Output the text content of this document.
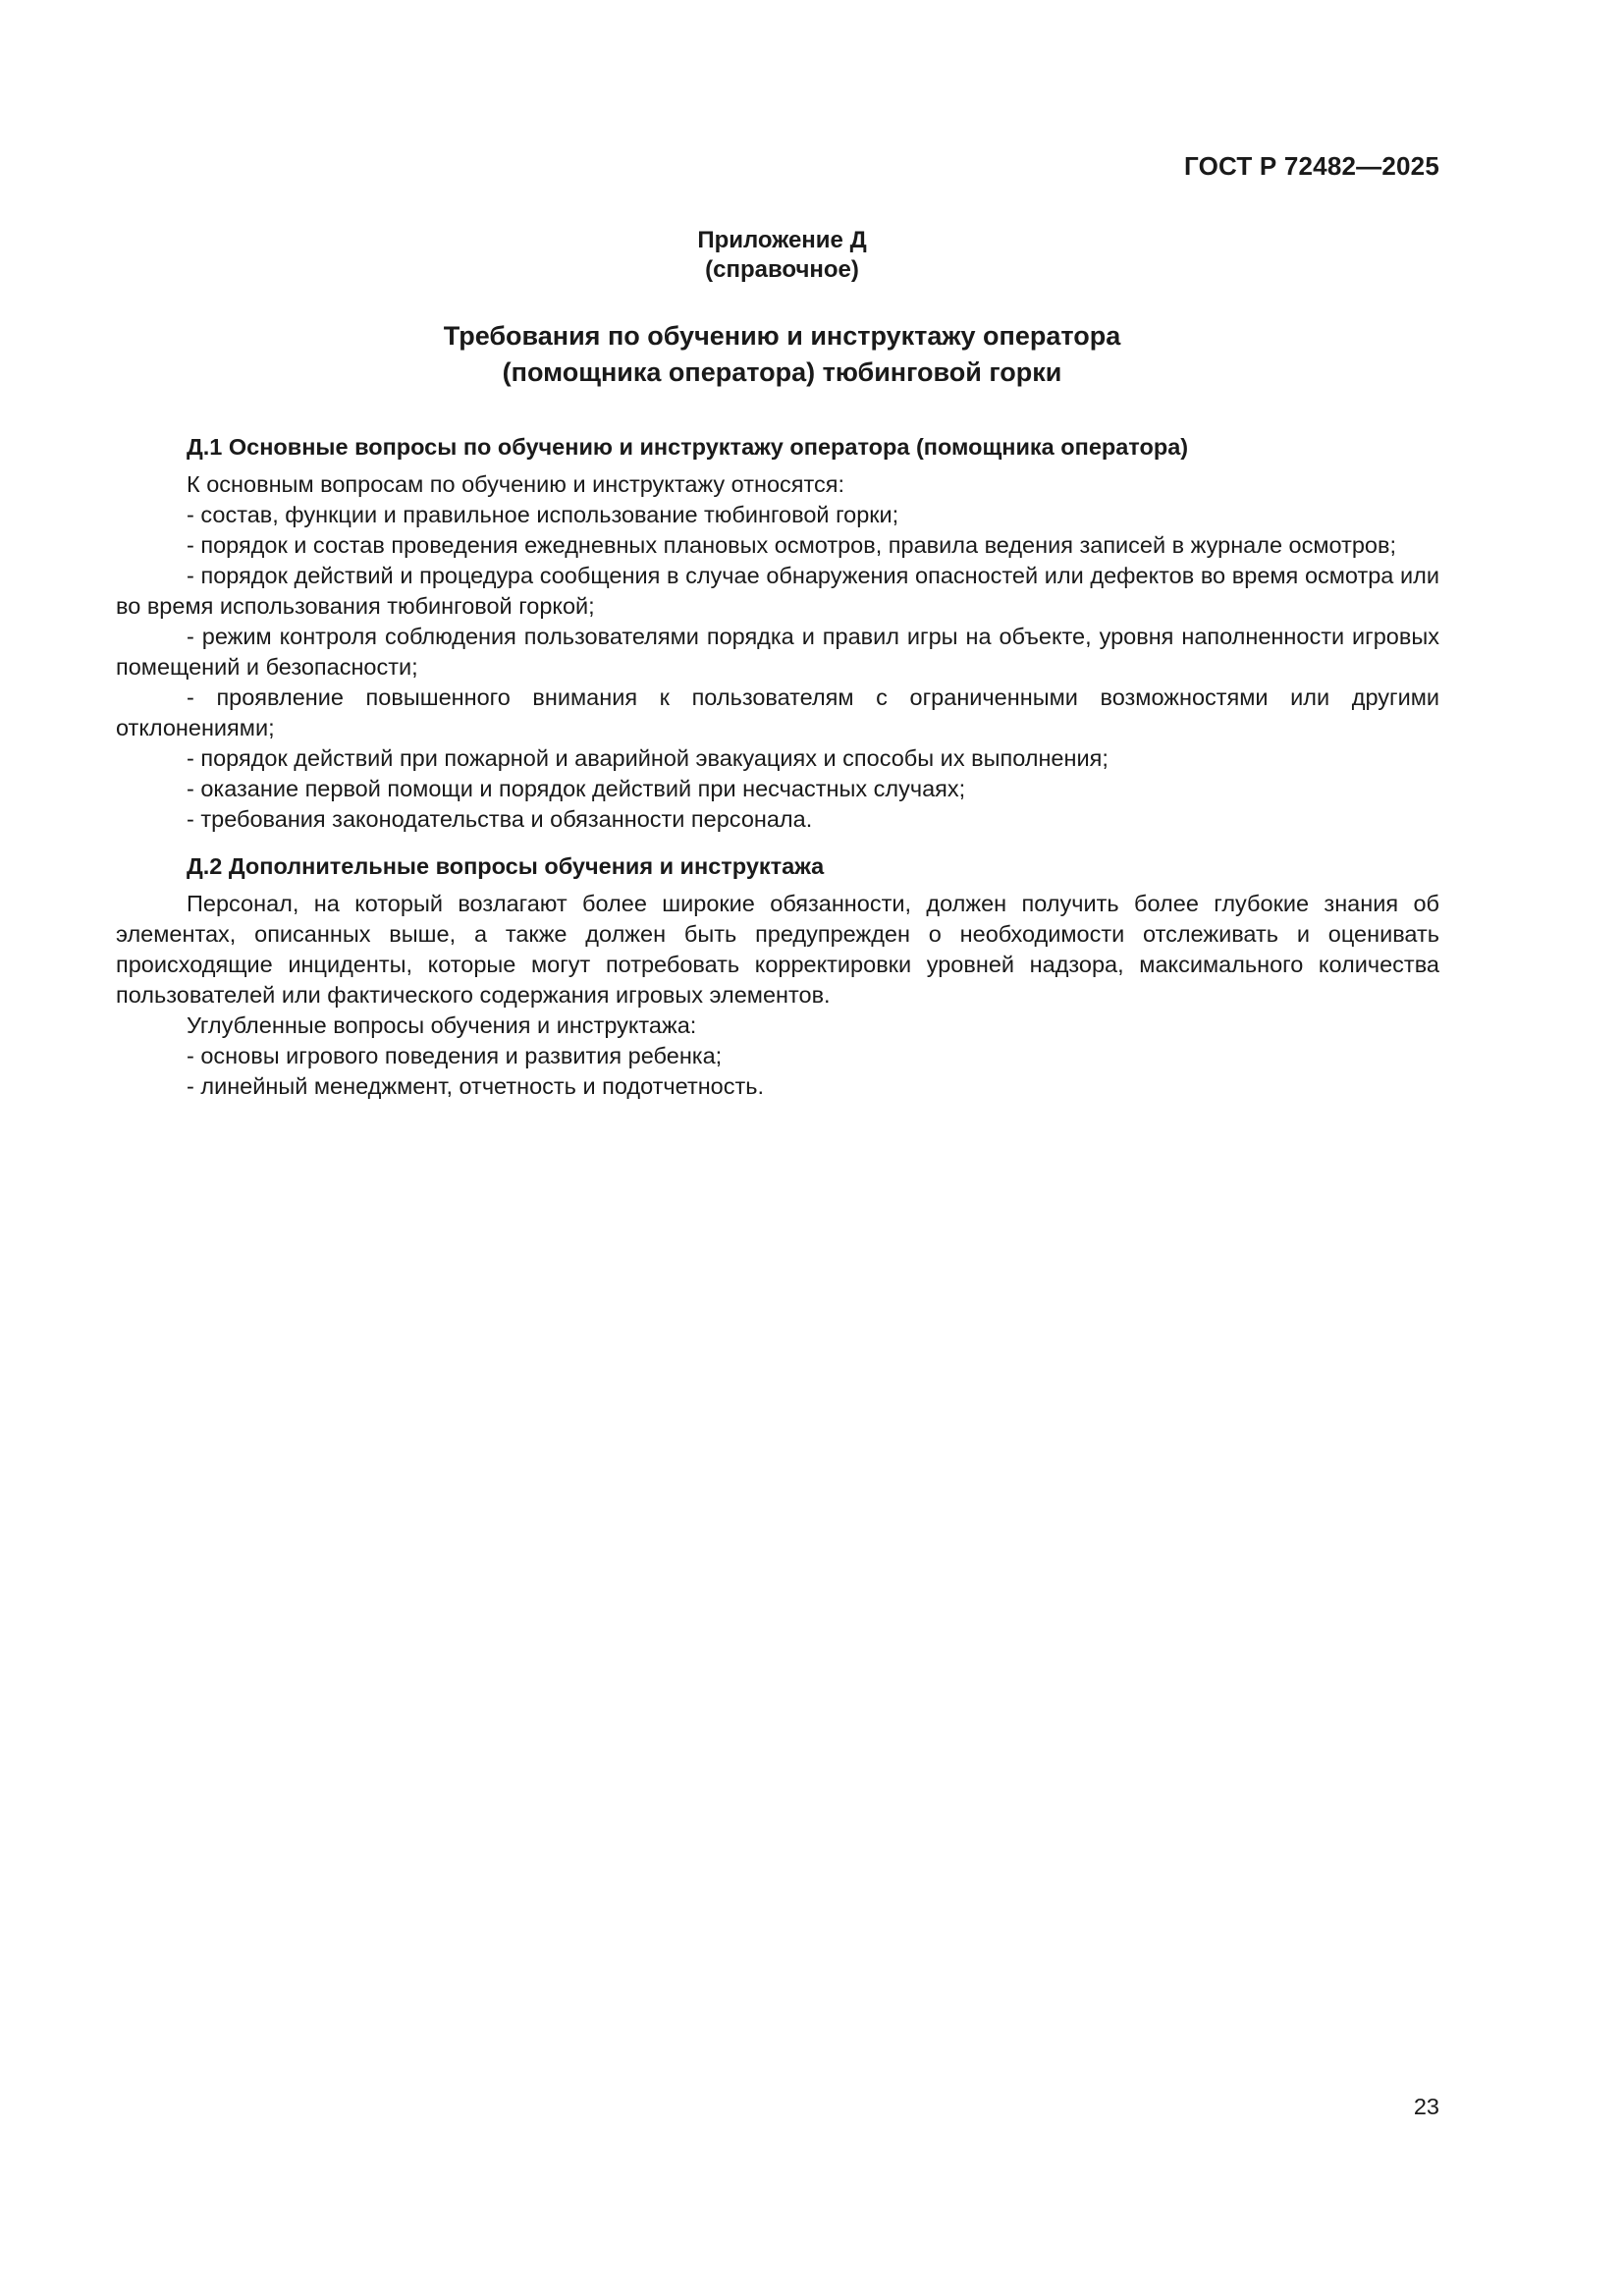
ГОСТ Р 72482—2025
Приложение Д
(справочное)
Требования по обучению и инструктажу оператора
(помощника оператора) тюбинговой горки

Д.1 Основные вопросы по обучению и инструктажу оператора (помощника оператора)

К основным вопросам по обучению и инструктажу относятся:

- состав, функции и правильное использование тюбинговой горки;

- порядок и состав проведения ежедневных плановых осмотров, правила ведения записей в журнале осмотров;

- порядок действий и процедура сообщения в случае обнаружения опасностей или дефектов во время осмотра или во время использования тюбинговой горкой;

- режим контроля соблюдения пользователями порядка и правил игры на объекте, уровня наполненности игровых помещений и безопасности;

- проявление повышенного внимания к пользователям с ограниченными возможностями или другими отклонениями;

- порядок действий при пожарной и аварийной эвакуациях и способы их выполнения;

- оказание первой помощи и порядок действий при несчастных случаях;

- требования законодательства и обязанности персонала.

Д.2 Дополнительные вопросы обучения и инструктажа

Персонал, на который возлагают более широкие обязанности, должен получить более глубокие знания об элементах, описанных выше, а также должен быть предупрежден о необходимости отслеживать и оценивать происходящие инциденты, которые могут потребовать корректировки уровней надзора, максимального количества пользователей или фактического содержания игровых элементов.

Углубленные вопросы обучения и инструктажа:

- основы игрового поведения и развития ребенка;

- линейный менеджмент, отчетность и подотчетность.

23
